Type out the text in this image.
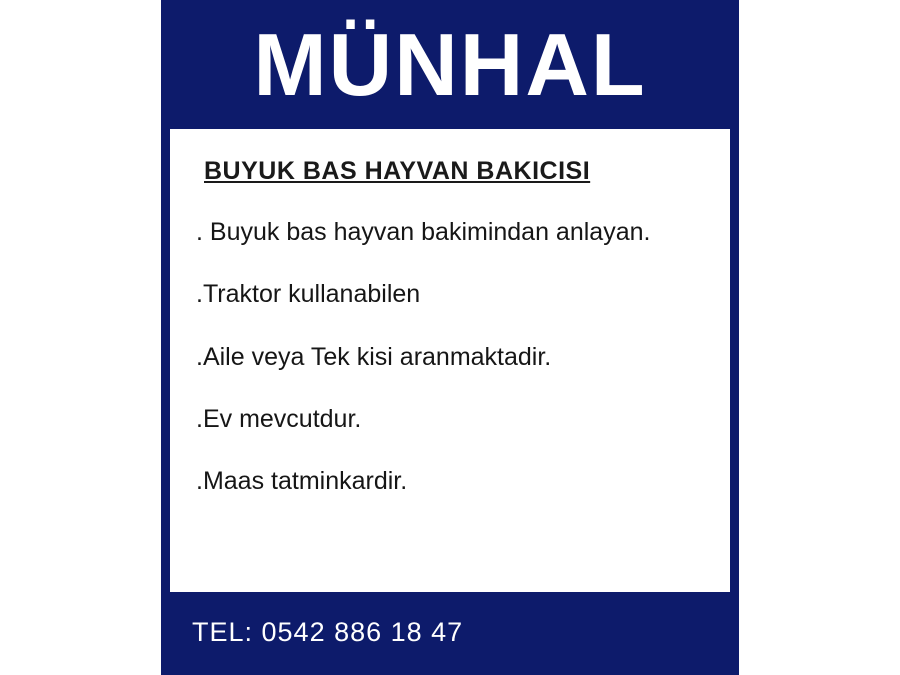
MÜNHAL
BUYUK BAS HAYVAN BAKICISI
. Buyuk bas hayvan bakimindan anlayan.
.Traktor kullanabilen
.Aile veya Tek kisi aranmaktadir.
.Ev mevcutdur.
.Maas tatminkardir.
TEL: 0542 886 18 47
